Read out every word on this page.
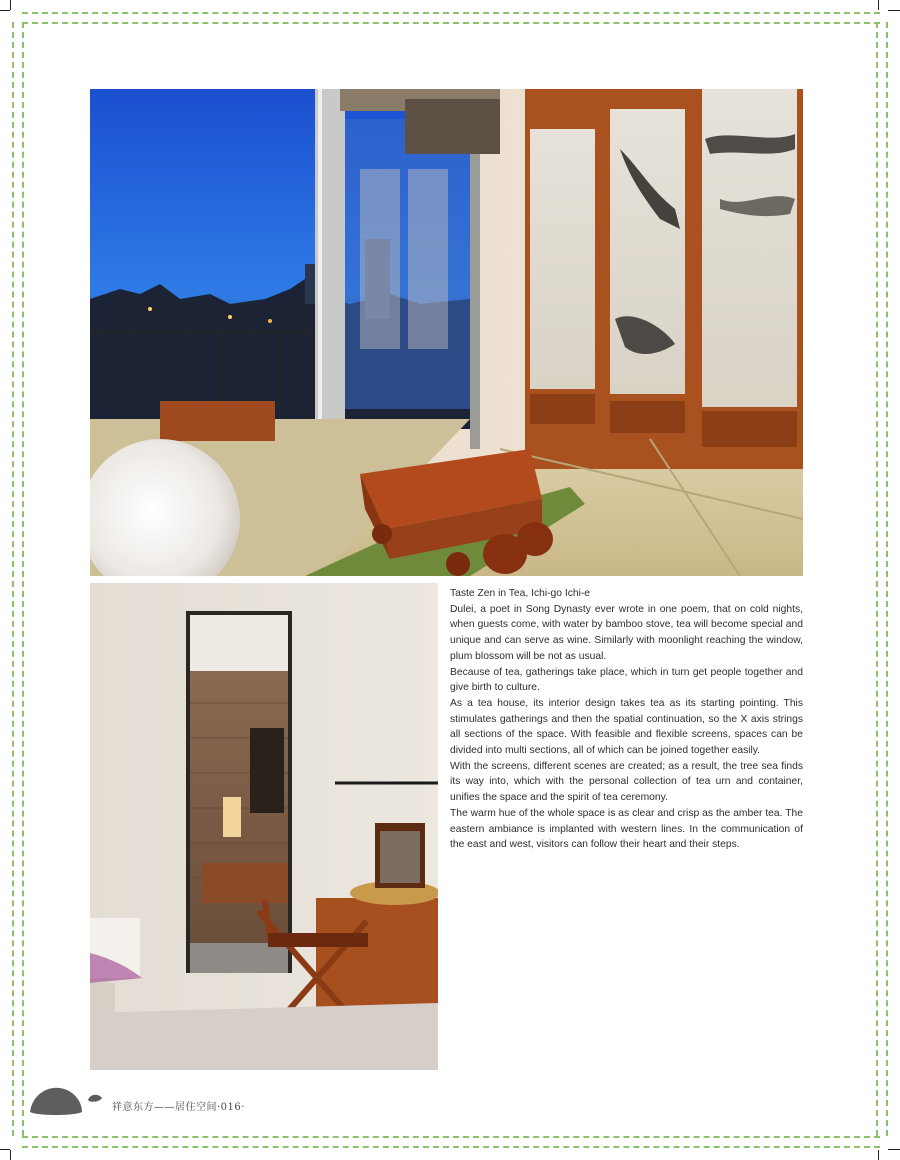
Taste Zen in Tea, Ichi-go Ichi-e

Dulei, a poet in Song Dynasty ever wrote in one poem, that on cold nights, when guests come, with water by bamboo stove, tea will become special and unique and can serve as wine. Similarly with moonlight reaching the window, plum blossom will be not as usual.

Because of tea, gatherings take place, which in turn get people together and give birth to culture.

As a tea house, its interior design takes tea as its starting pointing. This stimulates gatherings and then the spatial continuation, so the X axis strings all sections of the space. With feasible and flexible screens, spaces can be divided into multi sections, all of which can be joined together easily.

With the screens, different scenes are created; as a result, the tree sea finds its way into, which with the personal collection of tea urn and container, unifies the space and the spirit of tea ceremony.

The warm hue of the whole space is as clear and crisp as the amber tea. The eastern ambiance is implanted with western lines. In the communication of the east and west, visitors can follow their heart and their steps.

祥意东方——居住空间·016·
